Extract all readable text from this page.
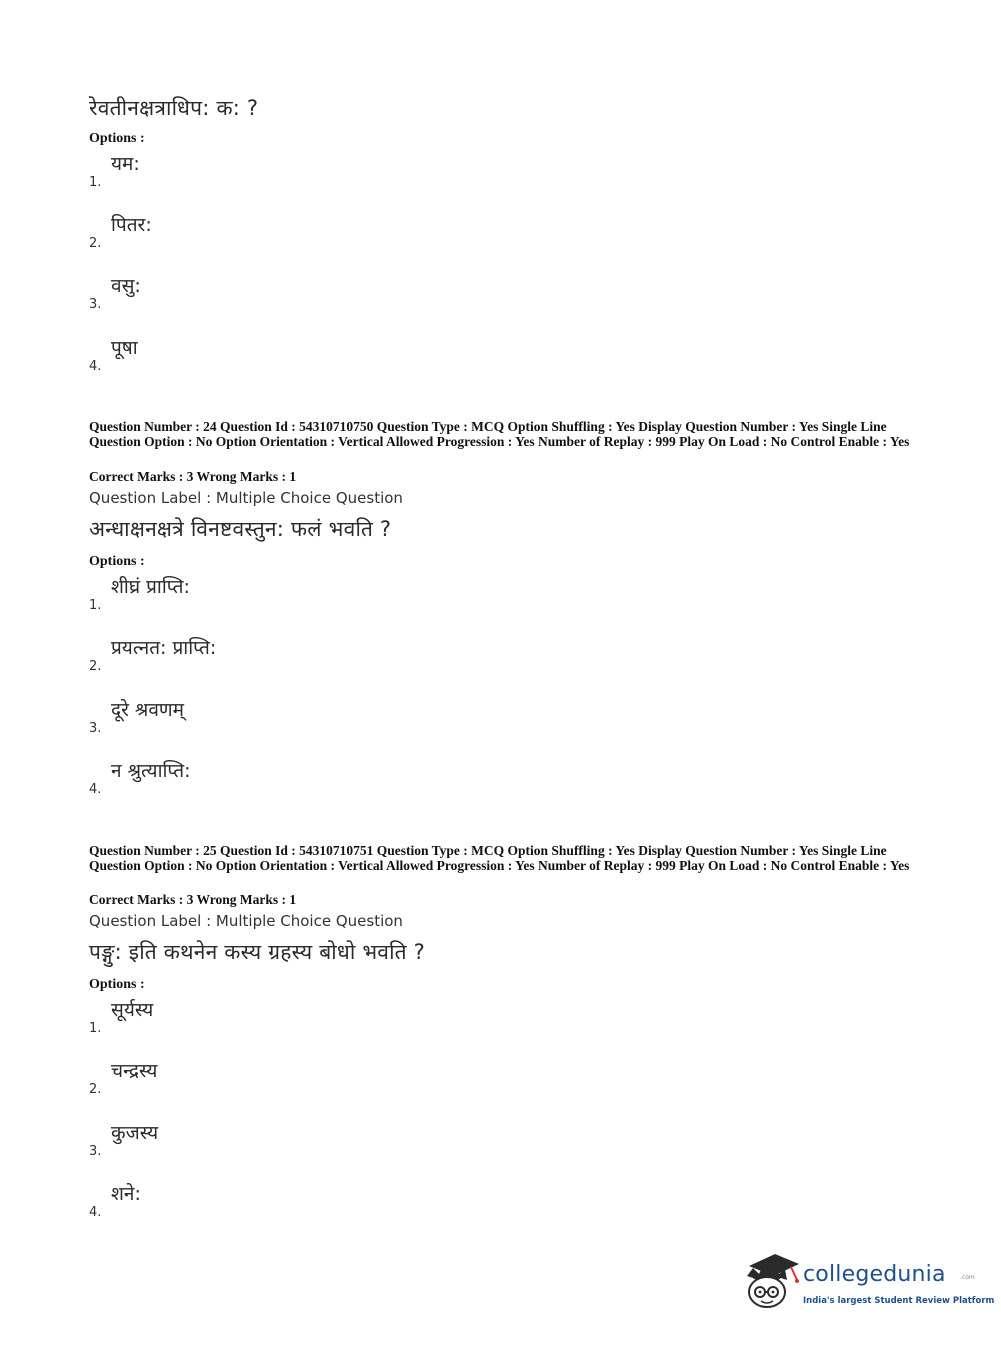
रेवतीनक्षत्राधिप: क: ?
Options :
1.
यम:
2.
पितर:
3.
वसु:
4.
पूषा
Question Number : 24 Question Id : 54310710750 Question Type : MCQ Option Shuffling : Yes Display Question Number : Yes Single Line Question Option : No Option Orientation : Vertical Allowed Progression : Yes Number of Replay : 999 Play On Load : No Control Enable : Yes
Correct Marks : 3 Wrong Marks : 1
Question Label : Multiple Choice Question
अन्धाक्षनक्षत्रे विनष्टवस्तुन: फलं भवति ?
Options :
1.
शीघ्रं प्राप्ति:
2.
प्रयत्नत: प्राप्ति:
3.
दूरे श्रवणम्
4.
न श्रुत्याप्ति:
Question Number : 25 Question Id : 54310710751 Question Type : MCQ Option Shuffling : Yes Display Question Number : Yes Single Line Question Option : No Option Orientation : Vertical Allowed Progression : Yes Number of Replay : 999 Play On Load : No Control Enable : Yes
Correct Marks : 3 Wrong Marks : 1
Question Label : Multiple Choice Question
पङ्गु: इति कथनेन कस्य ग्रहस्य बोधो भवति ?
Options :
1.
सूर्यस्य
2.
चन्द्रस्य
3.
कुजस्य
4.
शने:
collegedunia .com
India's largest Student Review Platform
